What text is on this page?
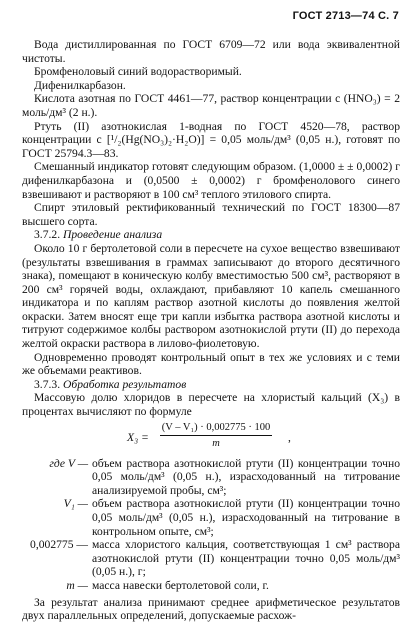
ГОСТ 2713—74 С. 7

Вода дистиллированная по ГОСТ 6709—72 или вода эквивалентной чистоты.

Бромфеноловый синий водорастворимый.

Дифенилкарбазон.

Кислота азотная по ГОСТ 4461—77, раствор концентрации с (HNO₃) = 2 моль/дм³ (2 н.).

Ртуть (II) азотнокислая 1-водная по ГОСТ 4520—78, раствор концентрации с [¹/₂(Hg(NO₃)₂·H₂O)] = 0,05 моль/дм³ (0,05 н.), готовят по ГОСТ 25794.3—83.

Смешанный индикатор готовят следующим образом. (1,0000 ± ± 0,0002) г дифенилкарбазона и (0,0500 ± 0,0002) г бромфенолового синего взвешивают и растворяют в 100 см³ теплого этилового спирта.

Спирт этиловый ректификованный технический по ГОСТ 18300—87 высшего сорта.

3.7.2. Проведение анализа

Около 10 г бертолетовой соли в пересчете на сухое вещество взвешивают (результаты взвешивания в граммах записывают до второго десятичного знака), помещают в коническую колбу вместимостью 500 см³, растворяют в 200 см³ горячей воды, охлаждают, прибавляют 10 капель смешанного индикатора и по каплям раствор азотной кислоты до появления желтой окраски. Затем вносят еще три капли избытка раствора азотной кислоты и титруют содержимое колбы раствором азотнокислой ртути (II) до перехода желтой окраски раствора в лилово-фиолетовую.

Одновременно проводят контрольный опыт в тех же условиях и с теми же объемами реактивов.

3.7.3. Обработка результатов

Массовую долю хлоридов в пересчете на хлористый кальций (X₃) в процентах вычисляют по формуле

$X_3 = \frac{\text{(V – V₁) · 0,002775 · 100}}{m}$ ,
где V — объем раствора азотнокислой ртути (II) концентрации точно 0,05 моль/дм³ (0,05 н.), израсходованный на титрование анализируемой пробы, см³;
V₁ — объем раствора азотнокислой ртути (II) концентрации точно 0,05 моль/дм³ (0,05 н.), израсходованный на титрование в контрольном опыте, см³;
0,002775 — масса хлористого кальция, соответствующая 1 см³ раствора азотнокислой ртути (II) концентрации точно 0,05 моль/дм³ (0,05 н.), г;
m — масса навески бертолетовой соли, г.

За результат анализа принимают среднее арифметическое результатов двух параллельных определений, допускаемые расхож-
